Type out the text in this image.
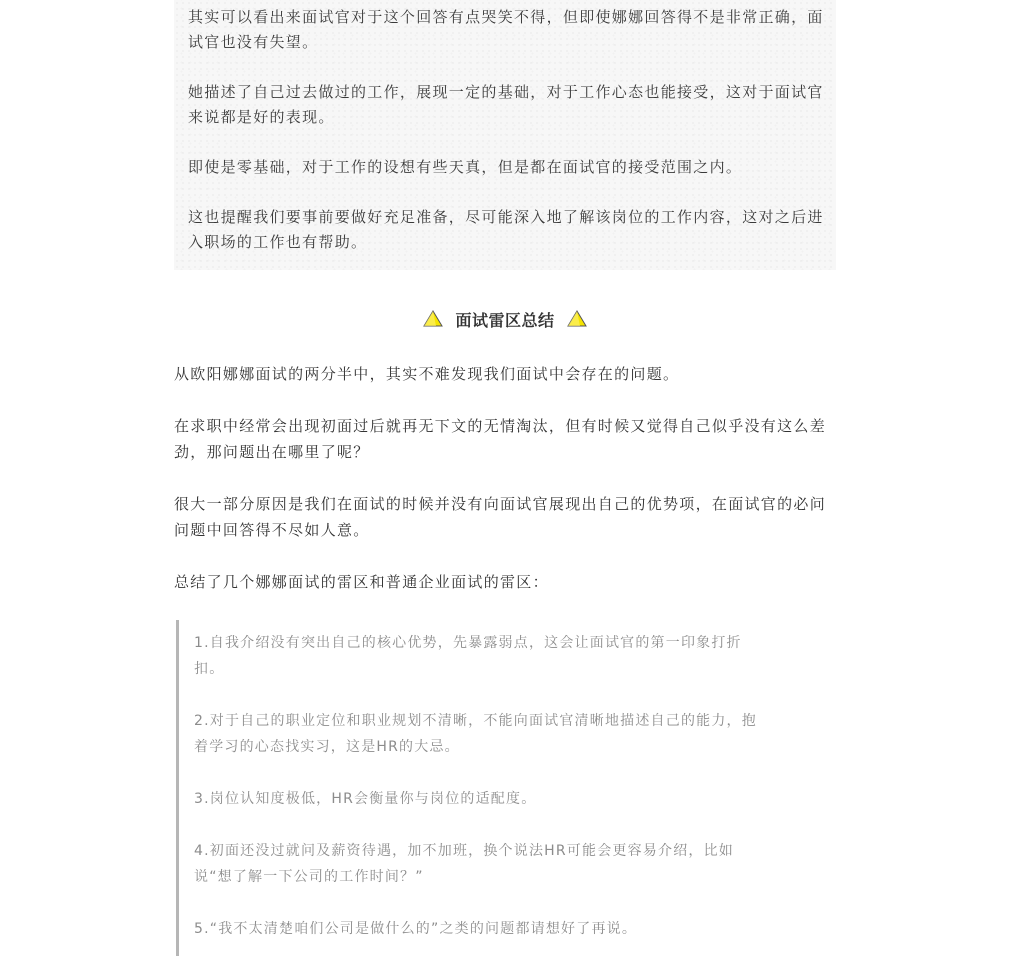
其实可以看出来面试官对于这个回答有点哭笑不得，但即使娜娜回答得不是非常正确，面试官也没有失望。

她描述了自己过去做过的工作，展现一定的基础，对于工作心态也能接受，这对于面试官来说都是好的表现。

即使是零基础，对于工作的设想有些天真，但是都在面试官的接受范围之内。

这也提醒我们要事前要做好充足准备，尽可能深入地了解该岗位的工作内容，这对之后进入职场的工作也有帮助。

面试雷区总结

从欧阳娜娜面试的两分半中，其实不难发现我们面试中会存在的问题。

在求职中经常会出现初面过后就再无下文的无情淘汰，但有时候又觉得自己似乎没有这么差劲，那问题出在哪里了呢？

很大一部分原因是我们在面试的时候并没有向面试官展现出自己的优势项，在面试官的必问问题中回答得不尽如人意。

总结了几个娜娜面试的雷区和普通企业面试的雷区：

1.自我介绍没有突出自己的核心优势，先暴露弱点，这会让面试官的第一印象打折扣。

2.对于自己的职业定位和职业规划不清晰，不能向面试官清晰地描述自己的能力，抱着学习的心态找实习，这是HR的大忌。

3.岗位认知度极低，HR会衡量你与岗位的适配度。

4.初面还没过就问及薪资待遇，加不加班，换个说法HR可能会更容易介绍，比如说“想了解一下公司的工作时间？”

5.“我不太清楚咱们公司是做什么的”之类的问题都请想好了再说。
